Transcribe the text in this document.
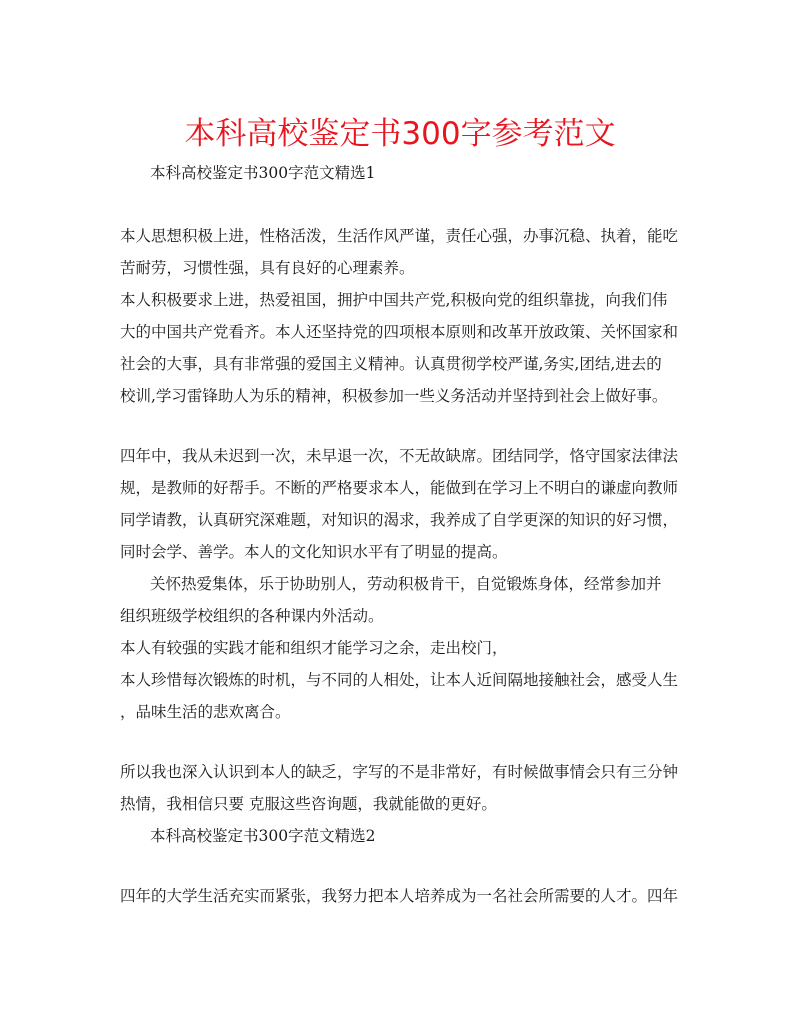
本科高校鉴定书300字参考范文
本科高校鉴定书300字范文精选1
本人思想积极上进，性格活泼，生活作风严谨，责任心强，办事沉稳、执着，能吃
苦耐劳，习惯性强，具有良好的心理素养。
本人积极要求上进，热爱祖国，拥护中国共产党,积极向党的组织靠拢，向我们伟
大的中国共产党看齐。本人还坚持党的四项根本原则和改革开放政策、关怀国家和
社会的大事，具有非常强的爱国主义精神。认真贯彻学校严谨,务实,团结,进去的
校训,学习雷锋助人为乐的精神，积极参加一些义务活动并坚持到社会上做好事。
四年中，我从未迟到一次，未早退一次，不无故缺席。团结同学，恪守国家法律法
规，是教师的好帮手。不断的严格要求本人，能做到在学习上不明白的谦虚向教师
同学请教，认真研究深难题，对知识的渴求，我养成了自学更深的知识的好习惯，
同时会学、善学。本人的文化知识水平有了明显的提高。
关怀热爱集体，乐于协助别人，劳动积极肯干，自觉锻炼身体，经常参加并
组织班级学校组织的各种课内外活动。
本人有较强的实践才能和组织才能学习之余，走出校门，
本人珍惜每次锻炼的时机，与不同的人相处，让本人近间隔地接触社会，感受人生
，品味生活的悲欢离合。
所以我也深入认识到本人的缺乏，字写的不是非常好，有时候做事情会只有三分钟
热情，我相信只要 克服这些咨询题，我就能做的更好。
本科高校鉴定书300字范文精选2
四年的大学生活充实而紧张，我努力把本人培养成为一名社会所需要的人才。四年
